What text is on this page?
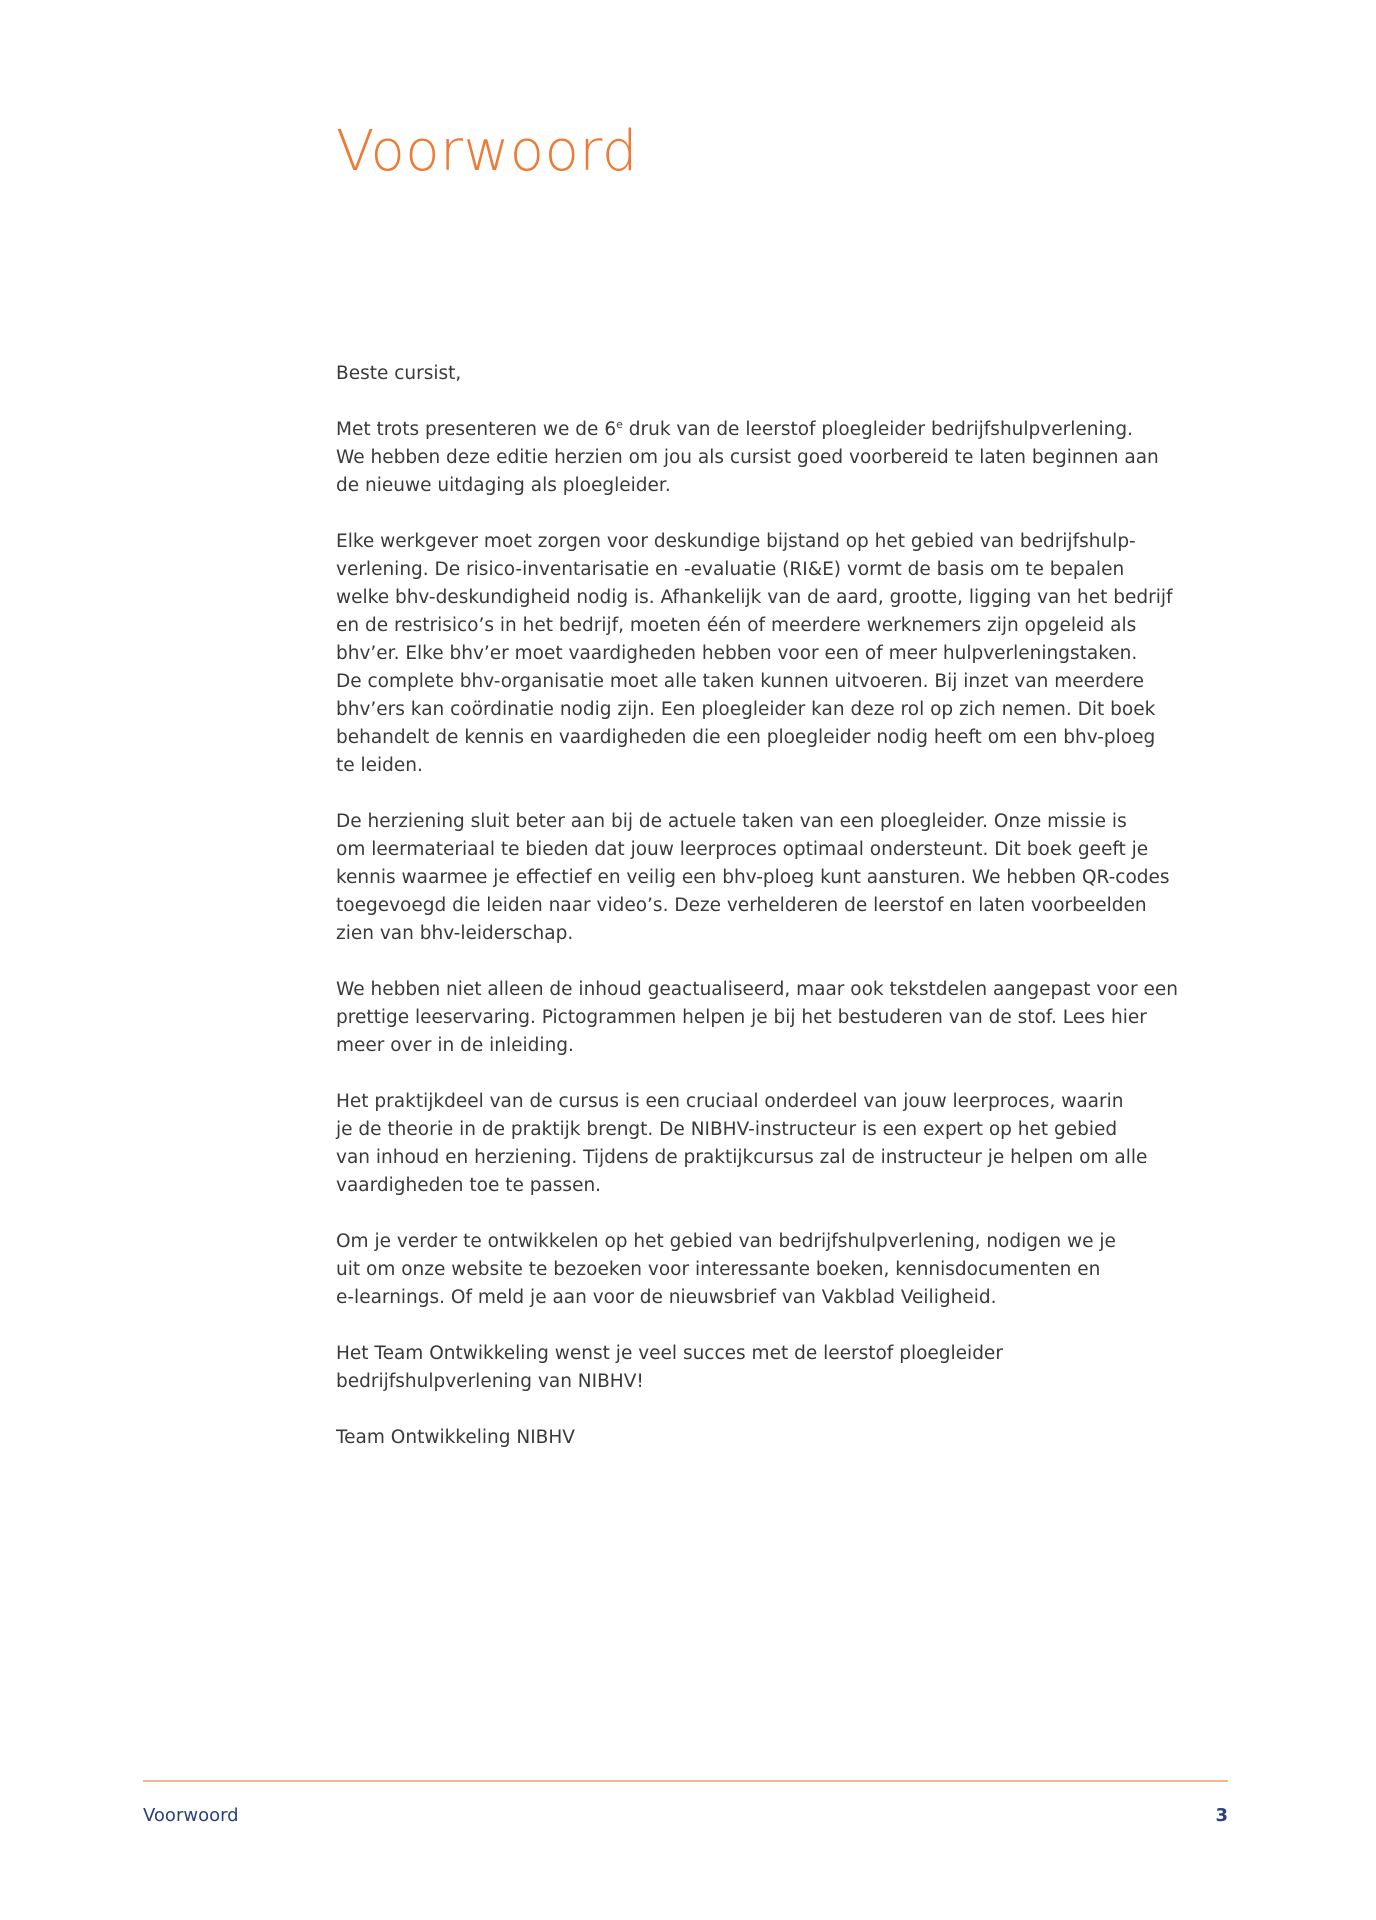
Voorwoord

Beste cursist,

Met trots presenteren we de 6e druk van de leerstof ploegleider bedrijfshulpverlening.
We hebben deze editie herzien om jou als cursist goed voorbereid te laten beginnen aan
de nieuwe uitdaging als ploegleider.

Elke werkgever moet zorgen voor deskundige bijstand op het gebied van bedrijfshulp-
verlening. De risico-inventarisatie en -evaluatie (RI&E) vormt de basis om te bepalen
welke bhv-deskundigheid nodig is. Afhankelijk van de aard, grootte, ligging van het bedrijf
en de restrisico’s in het bedrijf, moeten één of meerdere werknemers zijn opgeleid als
bhv’er. Elke bhv’er moet vaardigheden hebben voor een of meer hulpverleningstaken.
De complete bhv-organisatie moet alle taken kunnen uitvoeren. Bij inzet van meerdere
bhv’ers kan coördinatie nodig zijn. Een ploegleider kan deze rol op zich nemen. Dit boek
behandelt de kennis en vaardigheden die een ploegleider nodig heeft om een bhv-ploeg
te leiden.

De herziening sluit beter aan bij de actuele taken van een ploegleider. Onze missie is
om leermateriaal te bieden dat jouw leerproces optimaal ondersteunt. Dit boek geeft je
kennis waarmee je effectief en veilig een bhv-ploeg kunt aansturen. We hebben QR-codes
toegevoegd die leiden naar video’s. Deze verhelderen de leerstof en laten voorbeelden
zien van bhv-leiderschap.

We hebben niet alleen de inhoud geactualiseerd, maar ook tekstdelen aangepast voor een
prettige leeservaring. Pictogrammen helpen je bij het bestuderen van de stof. Lees hier
meer over in de inleiding.

Het praktijkdeel van de cursus is een cruciaal onderdeel van jouw leerproces, waarin
je de theorie in de praktijk brengt. De NIBHV-instructeur is een expert op het gebied
van inhoud en herziening. Tijdens de praktijkcursus zal de instructeur je helpen om alle
vaardigheden toe te passen.

Om je verder te ontwikkelen op het gebied van bedrijfshulpverlening, nodigen we je
uit om onze website te bezoeken voor interessante boeken, kennisdocumenten en
e-learnings. Of meld je aan voor de nieuwsbrief van Vakblad Veiligheid.

Het Team Ontwikkeling wenst je veel succes met de leerstof ploegleider
bedrijfshulpverlening van NIBHV!

Team Ontwikkeling NIBHV

Voorwoord	3
